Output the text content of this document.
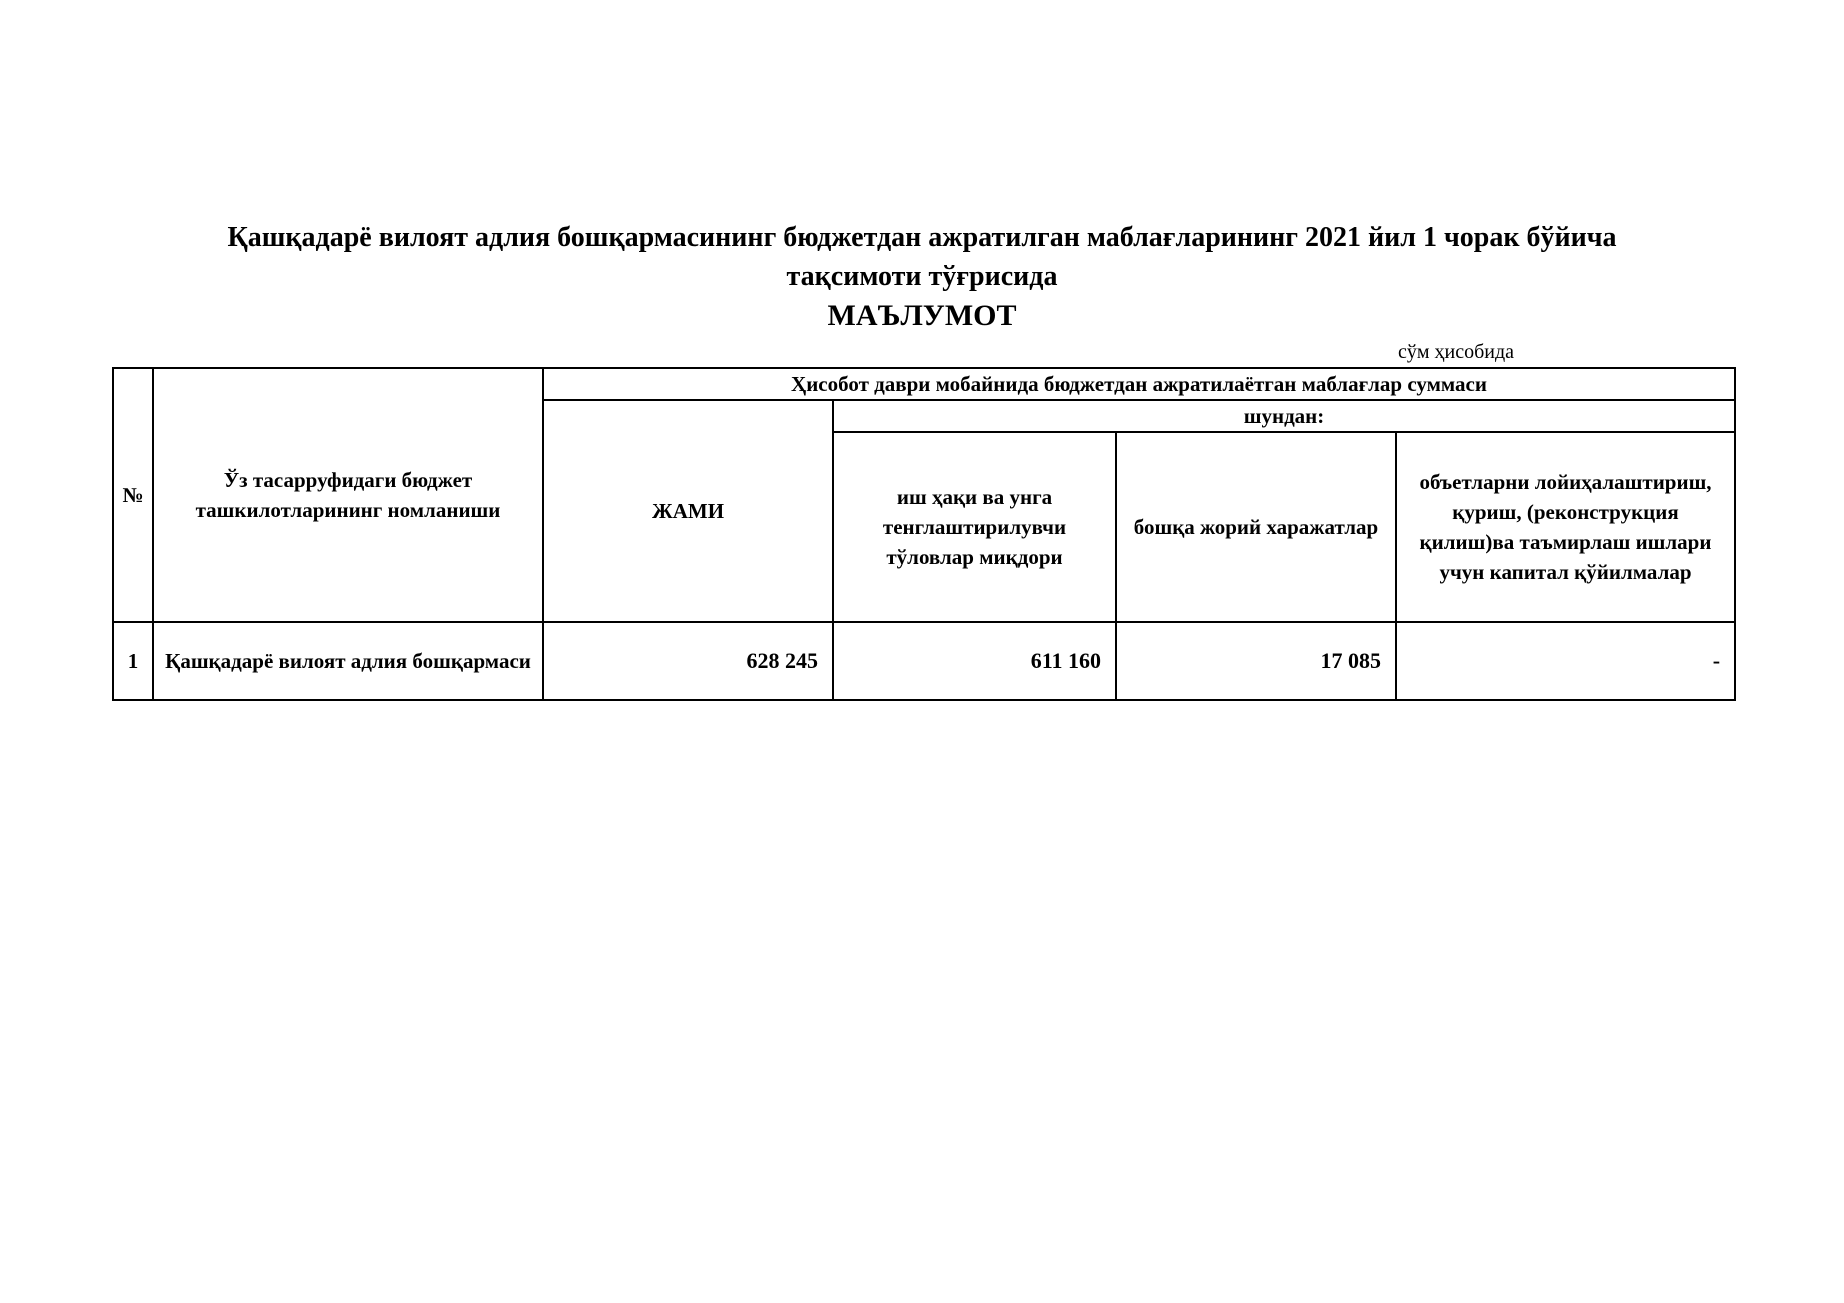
Қашқадарё вилоят адлия бошқармасининг бюджетдан ажратилган маблағларининг 2021 йил 1 чорак бўйича
тақсимоти тўғрисида
МАЪЛУМОТ
сўм ҳисобида
№	Ўз тасарруфидаги бюджет ташкилотларининг номланиши	Ҳисобот даври мобайнида бюджетдан ажратилаётган маблағлар суммаси			
		ЖАМИ	шундан:		
			иш ҳақи ва унга тенглаштирилувчи тўловлар миқдори	бошқа жорий харажатлар	объетларни лойиҳалаштириш, қуриш, (реконструкция қилиш)ва таъмирлаш ишлари учун капитал қўйилмалар
1	Қашқадарё вилоят адлия бошқармаси	628 245	611 160	17 085	-
